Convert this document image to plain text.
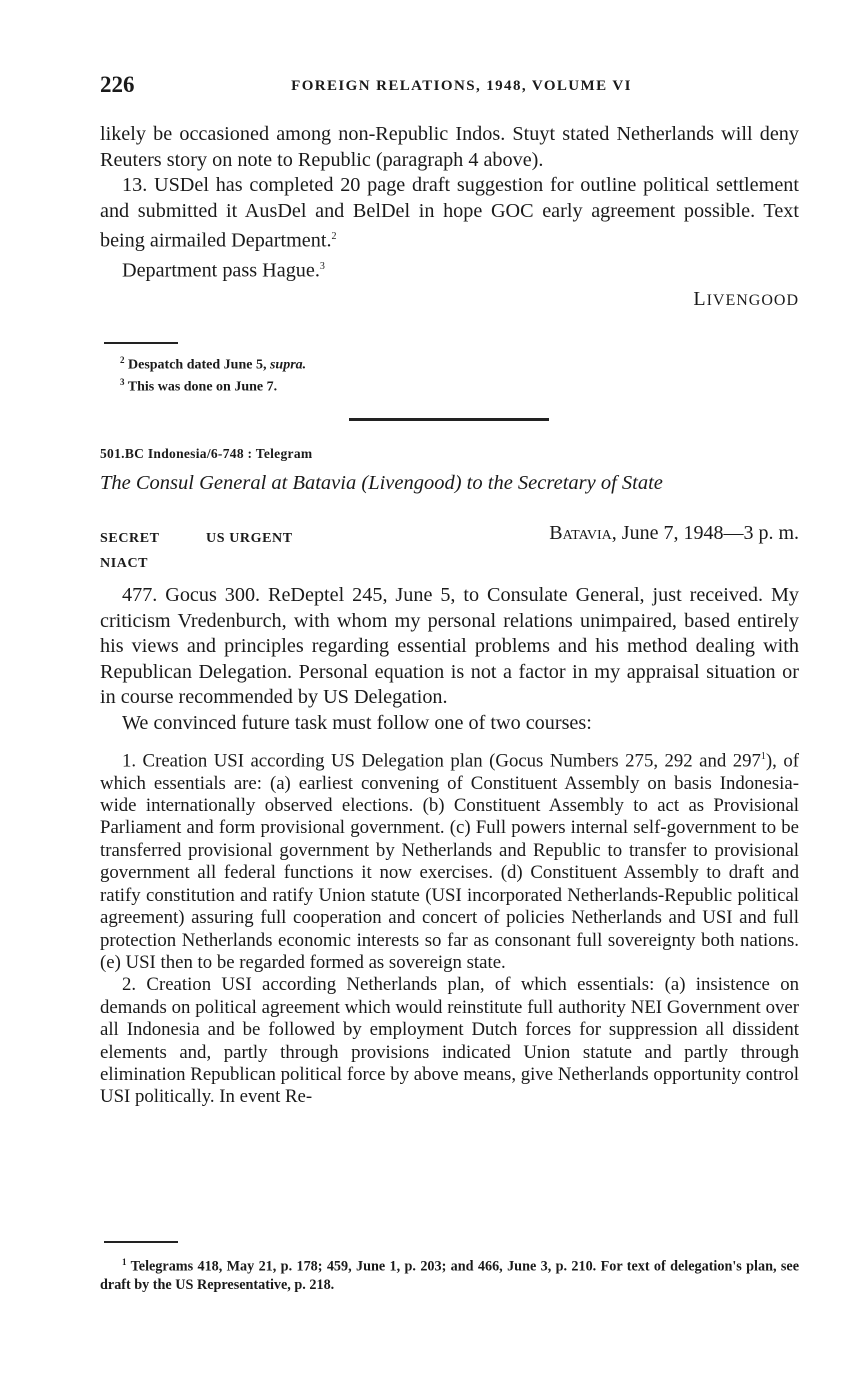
226	FOREIGN RELATIONS, 1948, VOLUME VI

likely be occasioned among non-Republic Indos. Stuyt stated Netherlands will deny Reuters story on note to Republic (paragraph 4 above).

13. USDel has completed 20 page draft suggestion for outline political settlement and submitted it AusDel and BelDel in hope GOC early agreement possible. Text being airmailed Department.$^2$

Department pass Hague.$^3$

LIVENGOOD
$^2$ Despatch dated June 5, supra.
$^3$ This was done on June 7.
501.BC Indonesia/6-748 : Telegram
The Consul General at Batavia (Livengood) to the Secretary of State
SECRET	US URGENT
NIACT
Batavia, June 7, 1948—3 p. m.

477. Gocus 300. ReDeptel 245, June 5, to Consulate General, just received. My criticism Vredenburch, with whom my personal relations unimpaired, based entirely his views and principles regarding essential problems and his method dealing with Republican Delegation. Personal equation is not a factor in my appraisal situation or in course recommended by US Delegation.

We convinced future task must follow one of two courses:

1. Creation USI according US Delegation plan (Gocus Numbers 275, 292 and $297^1$), of which essentials are: (a) earliest convening of Constituent Assembly on basis Indonesia-wide internationally observed elections. (b) Constituent Assembly to act as Provisional Parliament and form provisional government. (c) Full powers internal self-government to be transferred provisional government by Netherlands and Republic to transfer to provisional government all federal functions it now exercises. (d) Constituent Assembly to draft and ratify constitution and ratify Union statute (USI incorporated Netherlands-Republic political agreement) assuring full cooperation and concert of policies Netherlands and USI and full protection Netherlands economic interests so far as consonant full sovereignty both nations. (e) USI then to be regarded formed as sovereign state.

2. Creation USI according Netherlands plan, of which essentials: (a) insistence on demands on political agreement which would reinstitute full authority NEI Government over all Indonesia and be followed by employment Dutch forces for suppression all dissident elements and, partly through provisions indicated Union statute and partly through elimination Republican political force by above means, give Netherlands opportunity control USI politically. In event Re-

$^1$ Telegrams 418, May 21, p. 178; 459, June 1, p. 203; and 466, June 3, p. 210. For text of delegation's plan, see draft by the US Representative, p. 218.
